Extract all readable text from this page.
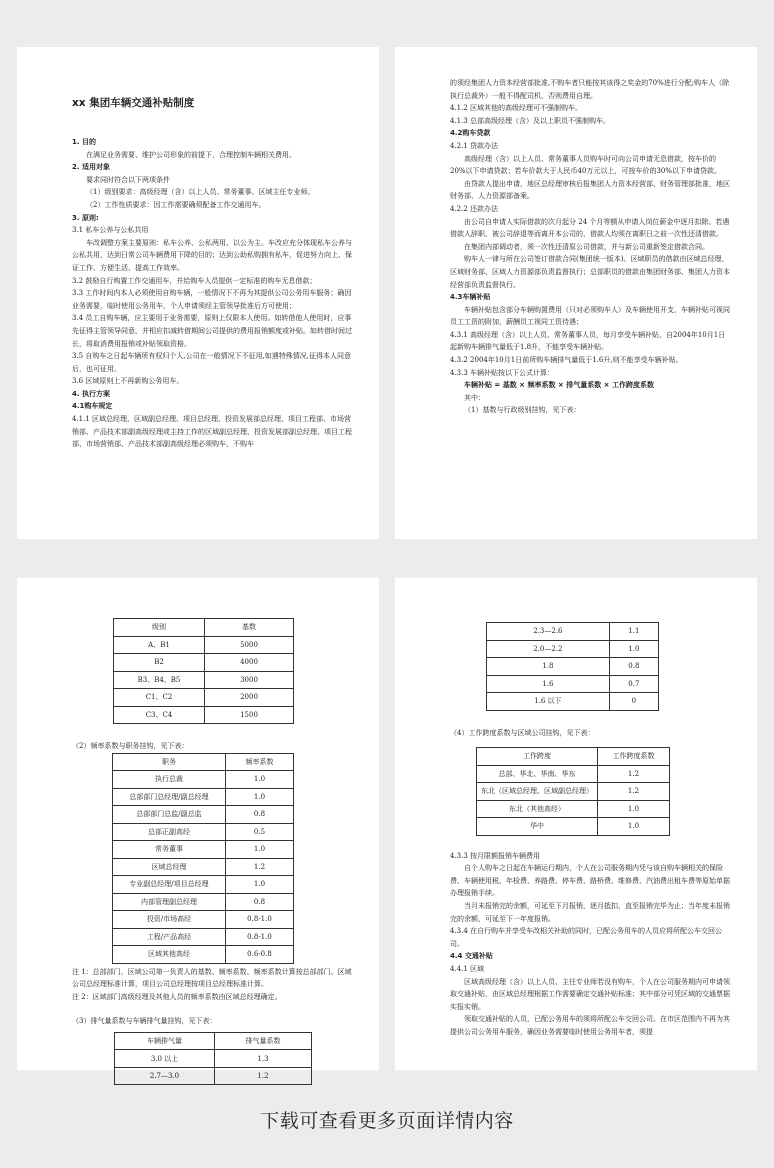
xx 集团车辆交通补贴制度

1. 目的

在满足业务需要、维护公司形象的前提下，合理控制车辆相关费用。

2. 适用对象

要求同时符合以下两项条件

（1）级别要求：高级经理（含）以上人员、常务董事、区域主任专业师。

（2）工作性质要求：因工作需要确须配备工作交通用车。

3. 原则:

3.1 私车公养与公私共用

车改调整方案主要原则：私车公养、公私两用、以公为主。车改应充分体现私车公养与公私共用，达到日常公司车辆费用下降的目的；达到公助私购拥有私车，促进努力向上、保证工作、方便生活、提高工作效率。

3.2 鼓励自行购置工作交通用车，并给购车人员提供一定标准的购车无息借款；

3.3 工作时间内本人必须使用自购车辆，一般情况下不再为其提供公司公务用车服务；确因业务需要，临时使用公务用车，个人申请须经主管领导批准后方可使用；

3.4 员工自购车辆，应主要用于业务需要，原则上仅限本人使用。如转借他人使用时，应事先征得主管领导同意，并相应扣减转借期间公司提供的费用报销额度或补贴。如转借时间过长，将取消费用报销或补贴领取资格。

3.5 自购车之日起车辆所有权归个人,公司在一般情况下不征用,如遇特殊情况,征得本人同意后，也可征用。

3.6 区域原则上不再新购公务用车。

4. 执行方案

4.1购车规定

4.1.1 区域总经理、区域副总经理、项目总经理、投资发展部总经理、项目工程部、市场营销部、产品技术部副高级经理或主持工作的区域副总经理、投资发展部副总经理、项目工程部、市场营销部、产品技术部副高级经理必须购车，不购车

的须经集团人力资本经营部批准,不购车者只能按其该得之奖金的70%进行分配;购车人（除执行总裁外）一般不得配司机，否则费用自理。

4.1.2 区域其他的高级经理可不强制购车。

4.1.3 总部高级经理（含）及以上职员不强制购车。

4.2购车贷款

4.2.1 贷款办法

高级经理（含）以上人员、常务董事人员购车时可向公司申请无息借款，按车价的20%以下申请贷款；若车价款大于人民币40万元以上，可按车价的30%以下申请贷款。

由贷款人提出申请，地区总经理审核后报集团人力资本经营部、财务管理部批准，地区财务部、人力资源部备案。

4.2.2 还款办法

由公司自申请人实际借款的次月起分 24 个月等额从申请人岗位薪金中逐月扣除。若遇借款人辞职、被公司辞退等而离开本公司的，借款人均须在离职日之前一次性还清借款。

在集团内部调动者，须一次性还清原公司借款，并与新公司重新签定借款合同。

购车人一律与所在公司签订借款合同(集团统一版本)。区域职员的借款由区域总经理、区域财务部、区域人力资源部负责监督执行；总部职员的借款由集团财务部、集团人力资本经营部负责监督执行。

4.3车辆补贴

车辆补贴包含部分车辆购置费用（只对必须购车人）及车辆使用开支，车辆补贴可视同员工工资的附加，薪酬员工视同工资待遇；

4.3.1 高级经理（含）以上人员、常务董事人员，每月享受车辆补贴，自2004年10月1日起新购车辆排气量低于1.8升，不能享受车辆补贴。

4.3.2 2004年10月1日前所购车辆排气量低于1.6升,则不能享受车辆补贴。

4.3.3 车辆补贴按以下公式计算：

车辆补贴 = 基数 × 频率系数 × 排气量系数 × 工作跨度系数

其中：

（1）基数与行政级别挂钩，见下表：

级别	基数
A、B1	5000
B2	4000
B3、B4、B5	3000
C1、C2	2000
C3、C4	1500

（2）频率系数与职务挂钩，见下表：

职务	频率系数
执行总裁	1.0
总部部门总经理/副总经理	1.0
总部部门总监/副总监	0.8
总部正副高经	0.5
常务董事	1.0
区域总经理	1.2
专业副总经理/项目总经理	1.0
内部管理副总经理	0.8
投资/市场高经	0.8-1.0
工程/产品高经	0.8-1.0
区域其他高经	0.6-0.8

注 1：总部部门、区域公司第一负责人的基数、频率系数、频率系数计算按总部部门、区域公司总经理标准计算，项目公司总经理按项目总经理标准计算。

注 2：区域部门高级经理及其他人员的频率系数由区域总经理确定。

（3）排气量系数与车辆排气量挂钩，见下表：

车辆排气量	排气量系数
3.0 以上	1.3
2.7—3.0	1.2
2.3—2.6	1.1
2.0—2.2	1.0
1.8	0.8
1.6	0.7
1.6 以下	0

（4）工作跨度系数与区域公司挂钩，见下表：

工作跨度	工作跨度系数
总部、华北、华南、华东	1.2
东北（区域总经理、区域副总经理）	1.2
东北（其他高经）	1.0
华中	1.0

4.3.3 按月限额报销车辆费用

自个人购车之日起在车辆运行期内，个人在公司服务期内凭与该自购车辆相关的保险费、车辆使用税、年检费、养路费、停车费、路桥费、维修费、汽油费出租车费等原始单据办理报销手续。

当月未报销完的余额，可延至下月报销，逐月抵扣，直至报销完毕为止；当年度未报销完的余额，可延至下一年度报销。

4.3.4 在自行购车并享受车改相关补助的同时，已配公务用车的人员应将所配公车交回公司。

4.4 交通补贴

4.4.1 区域

区域高级经理（含）以上人员、主任专业师若没有购车，个人在公司服务期内可申请领取交通补贴，由区域总经理根据工作需要确定交通补贴标准；其中部分可凭区域的交通票据实报实销。

领取交通补贴的人员，已配公务用车的须将所配公车交回公司。在市区范围内不再为其提供公司公务用车服务，确因业务需要临时使用公务用车者，须提

下载可查看更多页面详情内容
